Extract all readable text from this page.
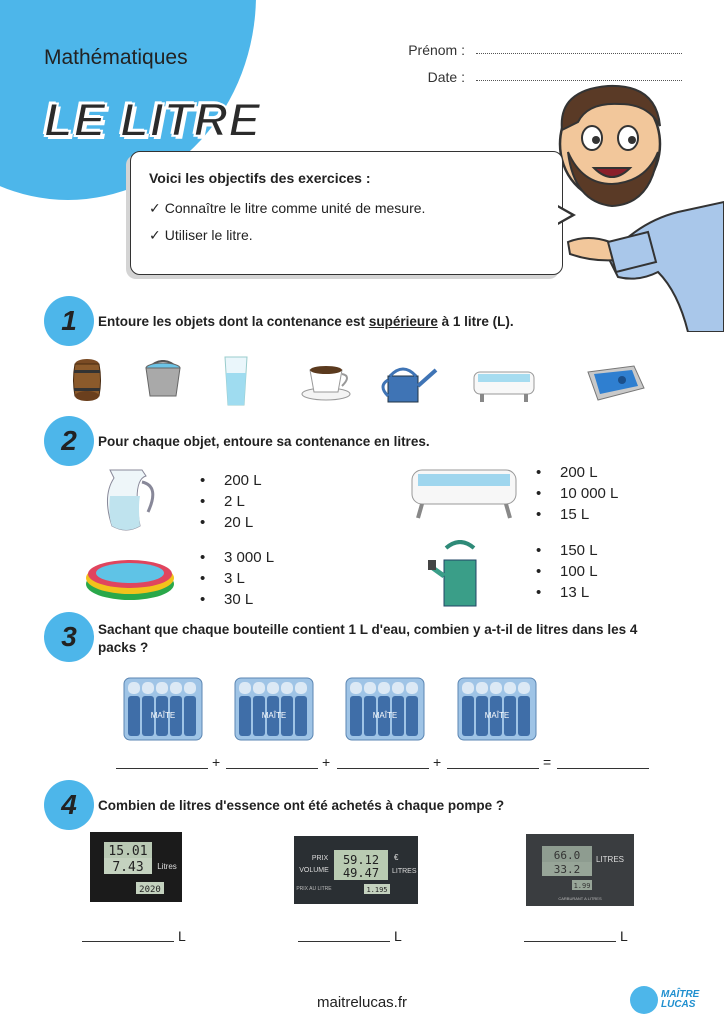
Mathématiques
LE LITRE
Prénom :
Date :
Voici les objectifs des exercices :
✓ Connaître le litre comme unité de mesure.
✓ Utiliser le litre.
1	Entoure les objets dont la contenance est supérieure à 1 litre (L).
2	Pour chaque objet, entoure sa contenance en litres.
• 200 L
• 2 L
• 20 L
• 200 L
• 10 000 L
• 15 L
• 3 000 L
• 3 L
• 30 L
• 150 L
• 100 L
• 13 L
3	Sachant que chaque bouteille contient 1 L d'eau, combien y a-t-il de litres dans les 4 packs ?
MAÎTE	MAÎTE	MAÎTE	MAÎTE
+	+	+	=
4	Combien de litres d'essence ont été achetés à chaque pompe ?
15.01
7.43
2020
Litres
L
PRIX
VOLUME
59.12
49.47
€
LITRES
PRIX AU LITRE	1.195
L
66.0
33.2
LITRES
1.99
CARBURANT A LITRES
L
maitrelucas.fr	MAÎTRE
LUCAS
